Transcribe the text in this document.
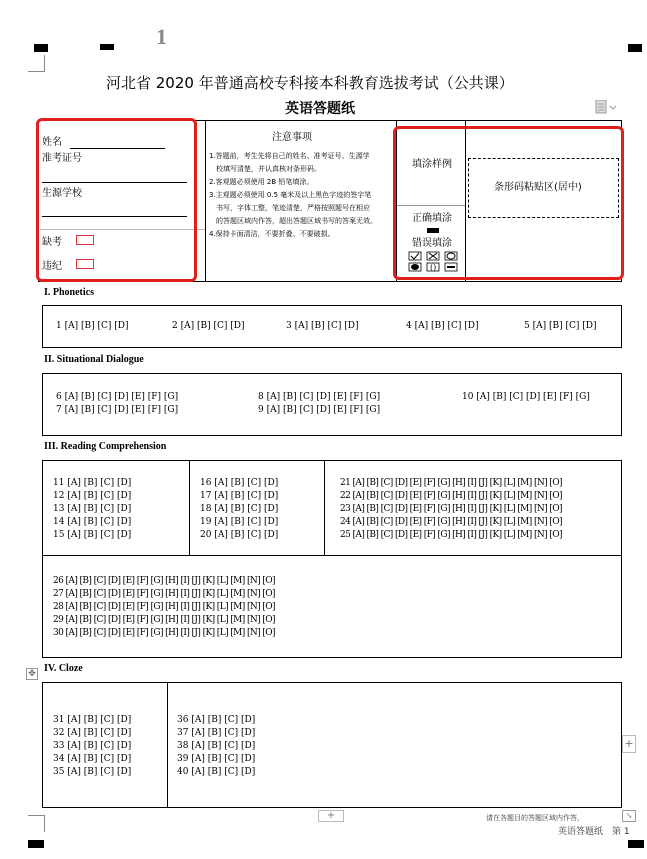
1
河北省 2020 年普通高校专科接本科教育选拔考试（公共课）
英语答题纸
姓名
准考证号
生源学校
缺考
违纪
注意事项
1.答题前，考生先将自己的姓名、准考证号、生源学
　校填写清楚，并认真核对条形码。
2.客观题必须使用 2B 铅笔填涂。
3.主观题必须使用 0.5 毫米及以上黑色字迹的签字笔
　书写，字体工整，笔迹清楚，严格按照题号在相应
　的答题区域内作答，超出答题区域书写的答案无效。
4.保持卡面清洁，不要折叠、不要破损。
填涂样例
正确填涂
错误填涂
()
条形码粘贴区(居中)
I. Phonetics
1 [A] [B] [C] [D]	2 [A] [B] [C] [D]	3 [A] [B] [C] [D]	4 [A] [B] [C] [D]	5 [A] [B] [C] [D]
II. Situational Dialogue
6 [A] [B] [C] [D] [E] [F] [G]
7 [A] [B] [C] [D] [E] [F] [G]
8 [A] [B] [C] [D] [E] [F] [G]
9 [A] [B] [C] [D] [E] [F] [G]
10 [A] [B] [C] [D] [E] [F] [G]
III. Reading Comprehension
11 [A] [B] [C] [D]
12 [A] [B] [C] [D]
13 [A] [B] [C] [D]
14 [A] [B] [C] [D]
15 [A] [B] [C] [D]
16 [A] [B] [C] [D]
17 [A] [B] [C] [D]
18 [A] [B] [C] [D]
19 [A] [B] [C] [D]
20 [A] [B] [C] [D]
21 [A] [B] [C] [D] [E] [F] [G] [H] [I] [J] [K] [L] [M] [N] [O]
22 [A] [B] [C] [D] [E] [F] [G] [H] [I] [J] [K] [L] [M] [N] [O]
23 [A] [B] [C] [D] [E] [F] [G] [H] [I] [J] [K] [L] [M] [N] [O]
24 [A] [B] [C] [D] [E] [F] [G] [H] [I] [J] [K] [L] [M] [N] [O]
25 [A] [B] [C] [D] [E] [F] [G] [H] [I] [J] [K] [L] [M] [N] [O]
26 [A] [B] [C] [D] [E] [F] [G] [H] [I] [J] [K] [L] [M] [N] [O]
27 [A] [B] [C] [D] [E] [F] [G] [H] [I] [J] [K] [L] [M] [N] [O]
28 [A] [B] [C] [D] [E] [F] [G] [H] [I] [J] [K] [L] [M] [N] [O]
29 [A] [B] [C] [D] [E] [F] [G] [H] [I] [J] [K] [L] [M] [N] [O]
30 [A] [B] [C] [D] [E] [F] [G] [H] [I] [J] [K] [L] [M] [N] [O]
✥ IV. Cloze
31 [A] [B] [C] [D]
32 [A] [B] [C] [D]
33 [A] [B] [C] [D]
34 [A] [B] [C] [D]
35 [A] [B] [C] [D]
36 [A] [B] [C] [D]
37 [A] [B] [C] [D]
38 [A] [B] [C] [D]
39 [A] [B] [C] [D]
40 [A] [B] [C] [D]
+
+	请在各题目的答题区域内作答，	↘
英语答题纸　第 1
